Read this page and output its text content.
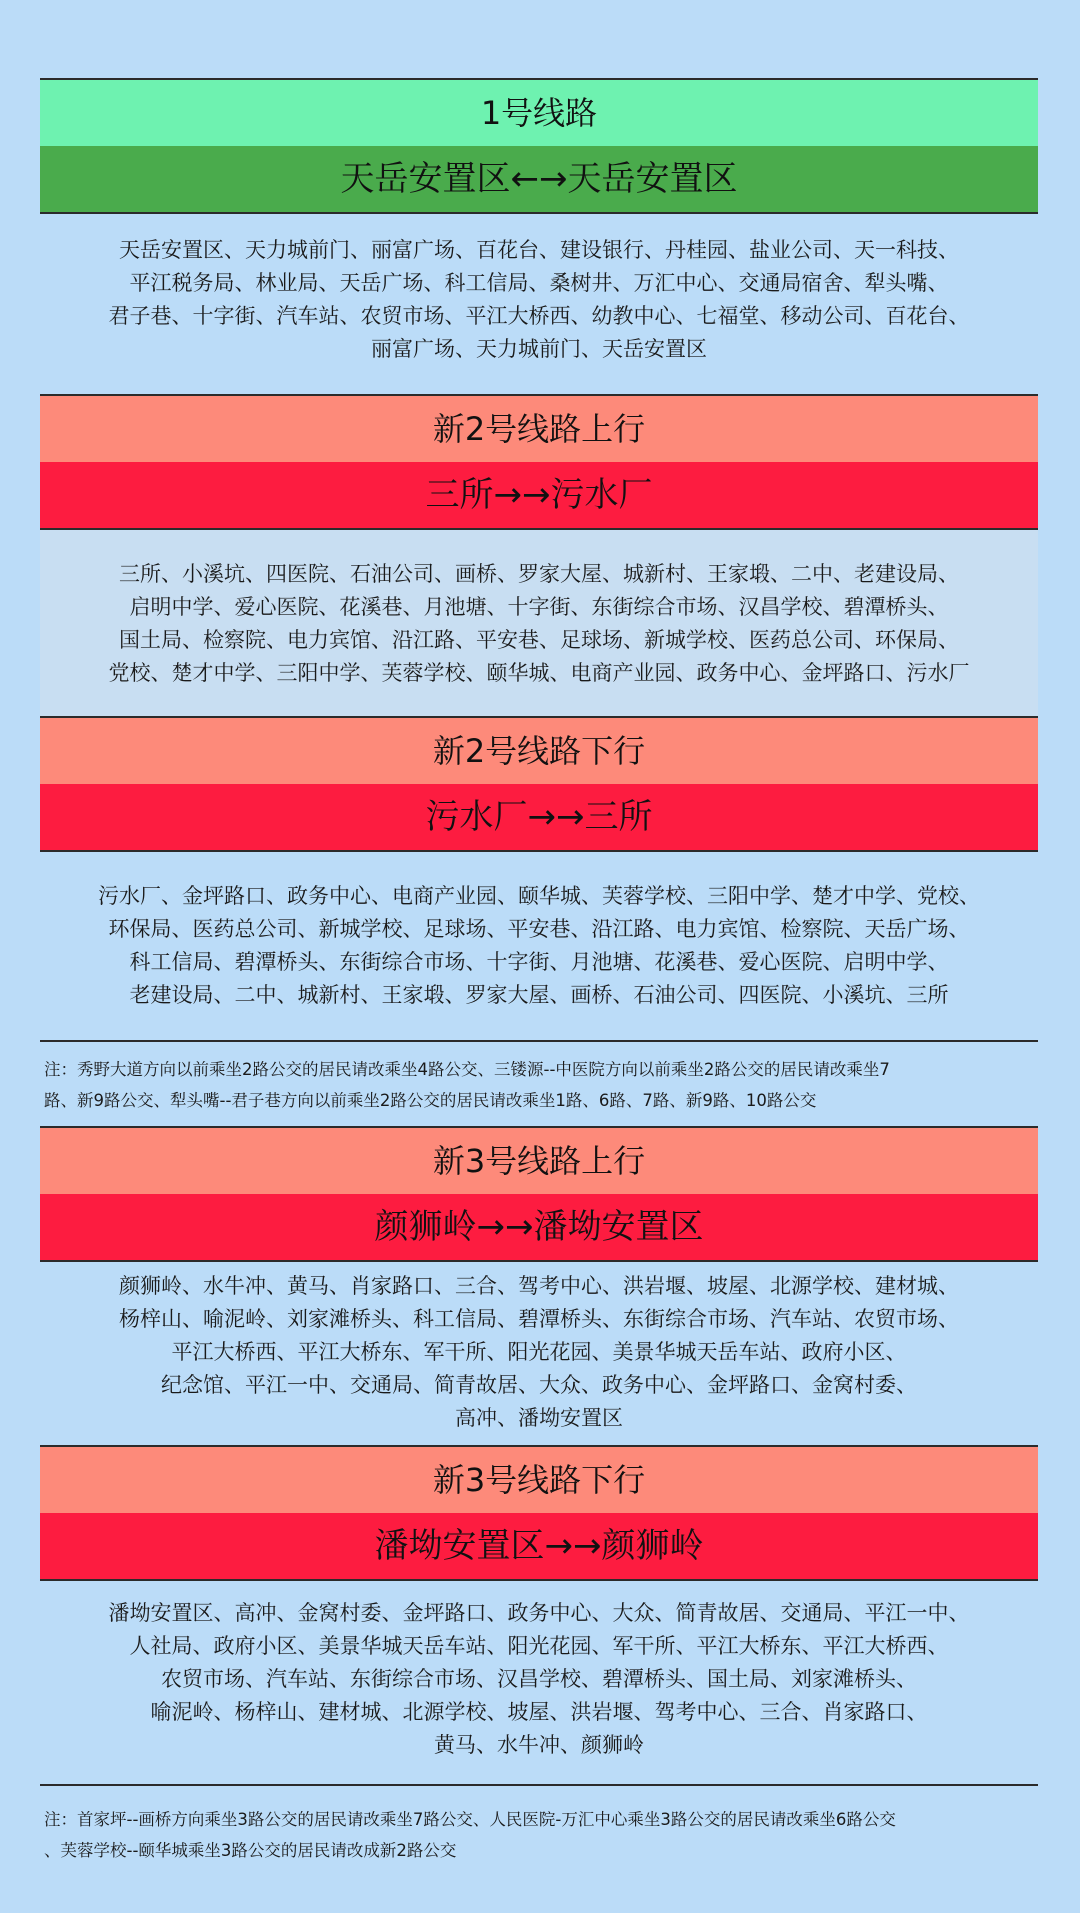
1号线路
天岳安置区←→天岳安置区
天岳安置区、天力城前门、丽富广场、百花台、建设银行、丹桂园、盐业公司、天一科技、
平江税务局、林业局、天岳广场、科工信局、桑树井、万汇中心、交通局宿舍、犁头嘴、
君子巷、十字街、汽车站、农贸市场、平江大桥西、幼教中心、七福堂、移动公司、百花台、
丽富广场、天力城前门、天岳安置区
新2号线路上行
三所→→污水厂
三所、小溪坑、四医院、石油公司、画桥、罗家大屋、城新村、王家塅、二中、老建设局、
启明中学、爱心医院、花溪巷、月池塘、十字街、东街综合市场、汉昌学校、碧潭桥头、
国土局、检察院、电力宾馆、沿江路、平安巷、足球场、新城学校、医药总公司、环保局、
党校、楚才中学、三阳中学、芙蓉学校、颐华城、电商产业园、政务中心、金坪路口、污水厂
新2号线路下行
污水厂→→三所
污水厂、金坪路口、政务中心、电商产业园、颐华城、芙蓉学校、三阳中学、楚才中学、党校、
环保局、医药总公司、新城学校、足球场、平安巷、沿江路、电力宾馆、检察院、天岳广场、
科工信局、碧潭桥头、东街综合市场、十字街、月池塘、花溪巷、爱心医院、启明中学、
老建设局、二中、城新村、王家塅、罗家大屋、画桥、石油公司、四医院、小溪坑、三所
注：秀野大道方向以前乘坐2路公交的居民请改乘坐4路公交、三镂源--中医院方向以前乘坐2路公交的居民请改乘坐7
路、新9路公交、犁头嘴--君子巷方向以前乘坐2路公交的居民请改乘坐1路、6路、7路、新9路、10路公交
新3号线路上行
颜狮岭→→潘坳安置区
颜狮岭、水牛冲、黄马、肖家路口、三合、驾考中心、洪岩堰、坡屋、北源学校、建材城、
杨梓山、喻泥岭、刘家滩桥头、科工信局、碧潭桥头、东街综合市场、汽车站、农贸市场、
平江大桥西、平江大桥东、军干所、阳光花园、美景华城天岳车站、政府小区、
纪念馆、平江一中、交通局、简青故居、大众、政务中心、金坪路口、金窝村委、
高冲、潘坳安置区
新3号线路下行
潘坳安置区→→颜狮岭
潘坳安置区、高冲、金窝村委、金坪路口、政务中心、大众、简青故居、交通局、平江一中、
人社局、政府小区、美景华城天岳车站、阳光花园、军干所、平江大桥东、平江大桥西、
农贸市场、汽车站、东街综合市场、汉昌学校、碧潭桥头、国土局、刘家滩桥头、
喻泥岭、杨梓山、建材城、北源学校、坡屋、洪岩堰、驾考中心、三合、肖家路口、
黄马、水牛冲、颜狮岭
注：首家坪--画桥方向乘坐3路公交的居民请改乘坐7路公交、人民医院-万汇中心乘坐3路公交的居民请改乘坐6路公交
、芙蓉学校--颐华城乘坐3路公交的居民请改成新2路公交
